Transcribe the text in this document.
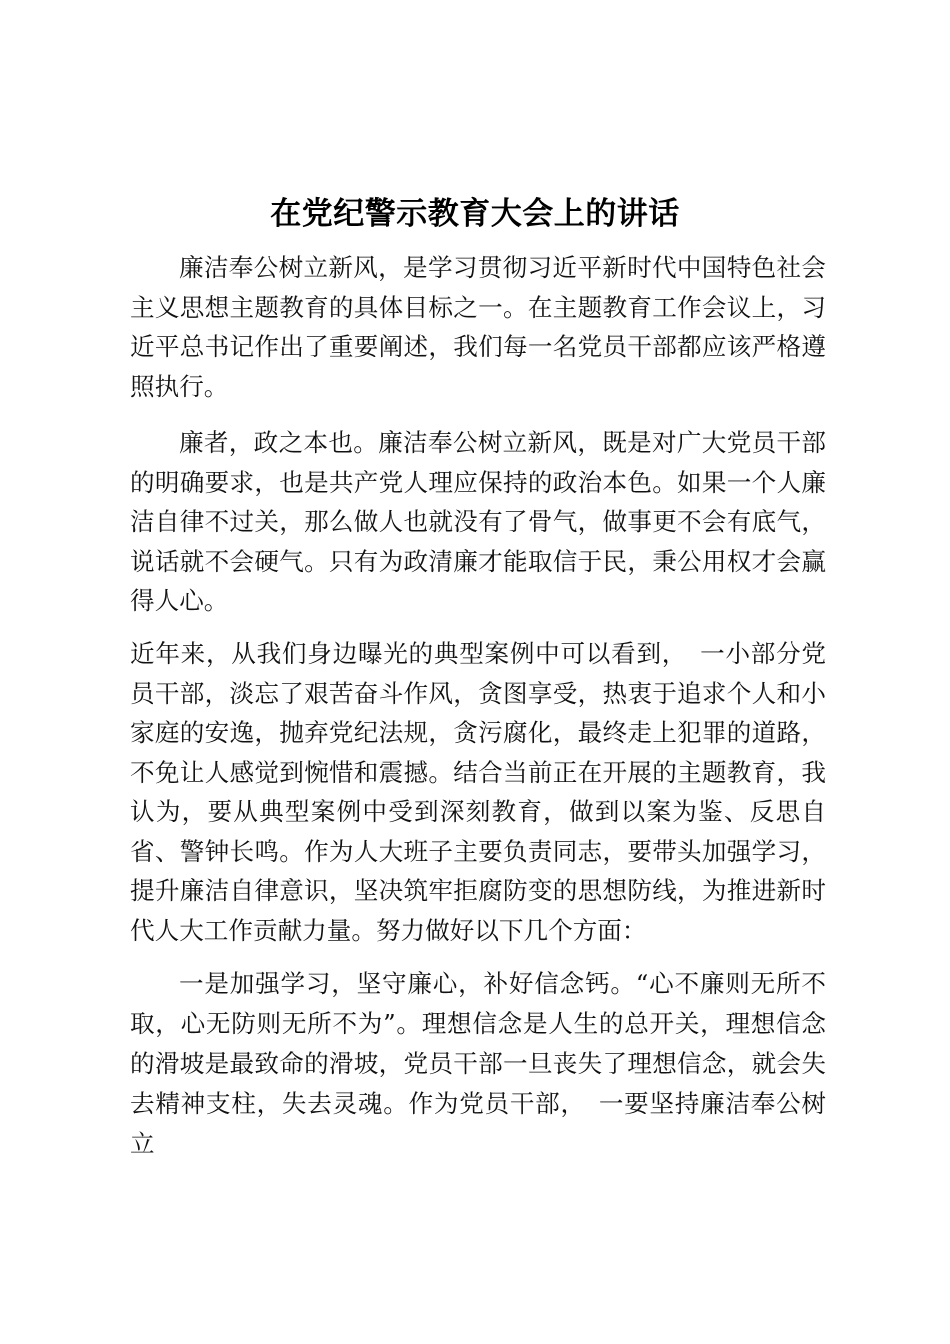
在党纪警示教育大会上的讲话

廉洁奉公树立新风，是学习贯彻习近平新时代中国特色社会主义思想主题教育的具体目标之一。在主题教育工作会议上，习近平总书记作出了重要阐述，我们每一名党员干部都应该严格遵照执行。

廉者，政之本也。廉洁奉公树立新风，既是对广大党员干部的明确要求，也是共产党人理应保持的政治本色。如果一个人廉洁自律不过关，那么做人也就没有了骨气，做事更不会有底气，说话就不会硬气。只有为政清廉才能取信于民，秉公用权才会赢得人心。

近年来，从我们身边曝光的典型案例中可以看到，　一小部分党员干部，淡忘了艰苦奋斗作风，贪图享受，热衷于追求个人和小家庭的安逸，抛弃党纪法规，贪污腐化，最终走上犯罪的道路，不免让人感觉到惋惜和震撼。结合当前正在开展的主题教育，我认为，要从典型案例中受到深刻教育，做到以案为鉴、反思自省、警钟长鸣。作为人大班子主要负责同志，要带头加强学习，提升廉洁自律意识，坚决筑牢拒腐防变的思想防线，为推进新时代人大工作贡献力量。努力做好以下几个方面：

一是加强学习，坚守廉心，补好信念钙。“心不廉则无所不取，心无防则无所不为”。理想信念是人生的总开关，理想信念的滑坡是最致命的滑坡，党员干部一旦丧失了理想信念，就会失去精神支柱，失去灵魂。作为党员干部，　一要坚持廉洁奉公树立
